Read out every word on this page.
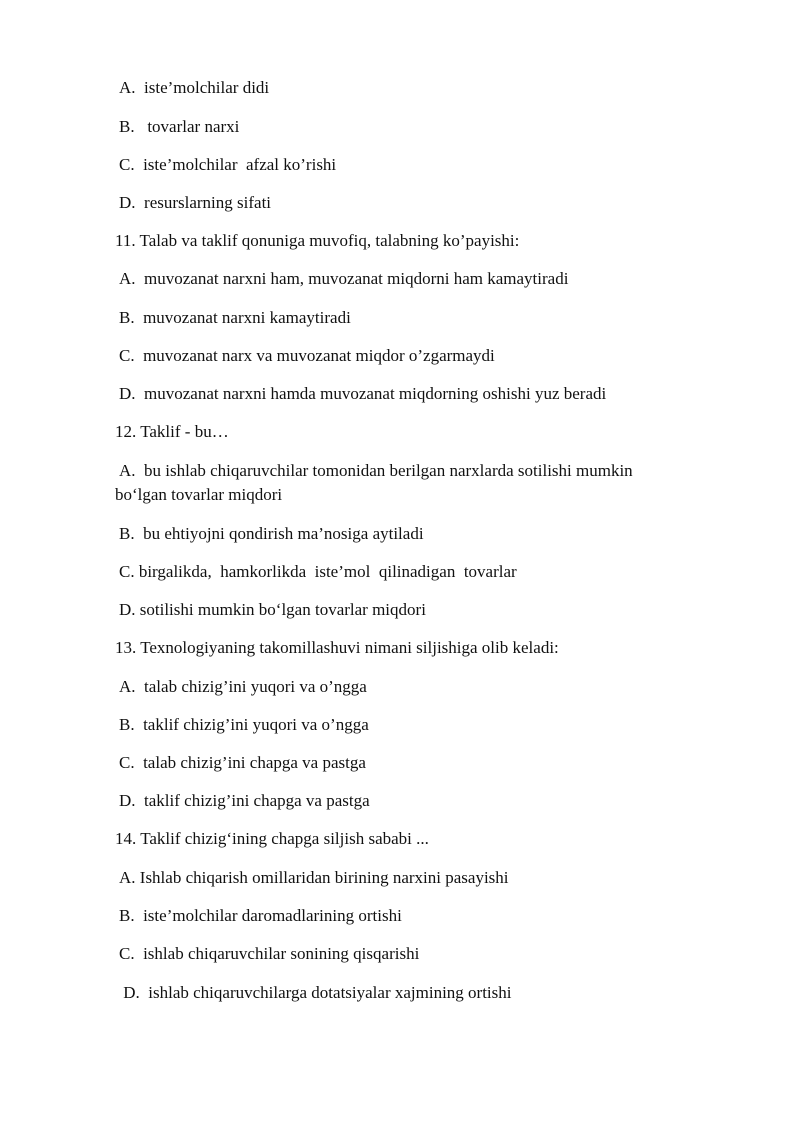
A.  iste’molchilar didi
B.   tovarlar narxi
C.  iste’molchilar  afzal ko’rishi
D.  resurslarning sifati
11. Talab va taklif qonuniga muvofiq, talabning ko’payishi:
A.  muvozanat narxni ham, muvozanat miqdorni ham kamaytiradi
B.  muvozanat narxni kamaytiradi
C.  muvozanat narx va muvozanat miqdor o’zgarmaydi
D.  muvozanat narxni hamda muvozanat miqdorning oshishi yuz beradi
12. Taklif - bu…
A.  bu ishlab chiqaruvchilar tomonidan berilgan narxlarda sotilishi mumkin
bo‘lgan tovarlar miqdori
B.  bu ehtiyojni qondirish ma’nosiga aytiladi
C. birgalikda,  hamkorlikda  iste’mol  qilinadigan  tovarlar
D. sotilishi mumkin bo‘lgan tovarlar miqdori
13. Texnologiyaning takomillashuvi nimani siljishiga olib keladi:
A.  talab chizig’ini yuqori va o’ngga
B.  taklif chizig’ini yuqori va o’ngga
C.  talab chizig’ini chapga va pastga
D.  taklif chizig’ini chapga va pastga
14. Taklif chizig‘ining chapga siljish sababi ...
A. Ishlab chiqarish omillaridan birining narxini pasayishi
B.  iste’molchilar daromadlarining ortishi
C.  ishlab chiqaruvchilar sonining qisqarishi
D.  ishlab chiqaruvchilarga dotatsiyalar xajmining ortishi
